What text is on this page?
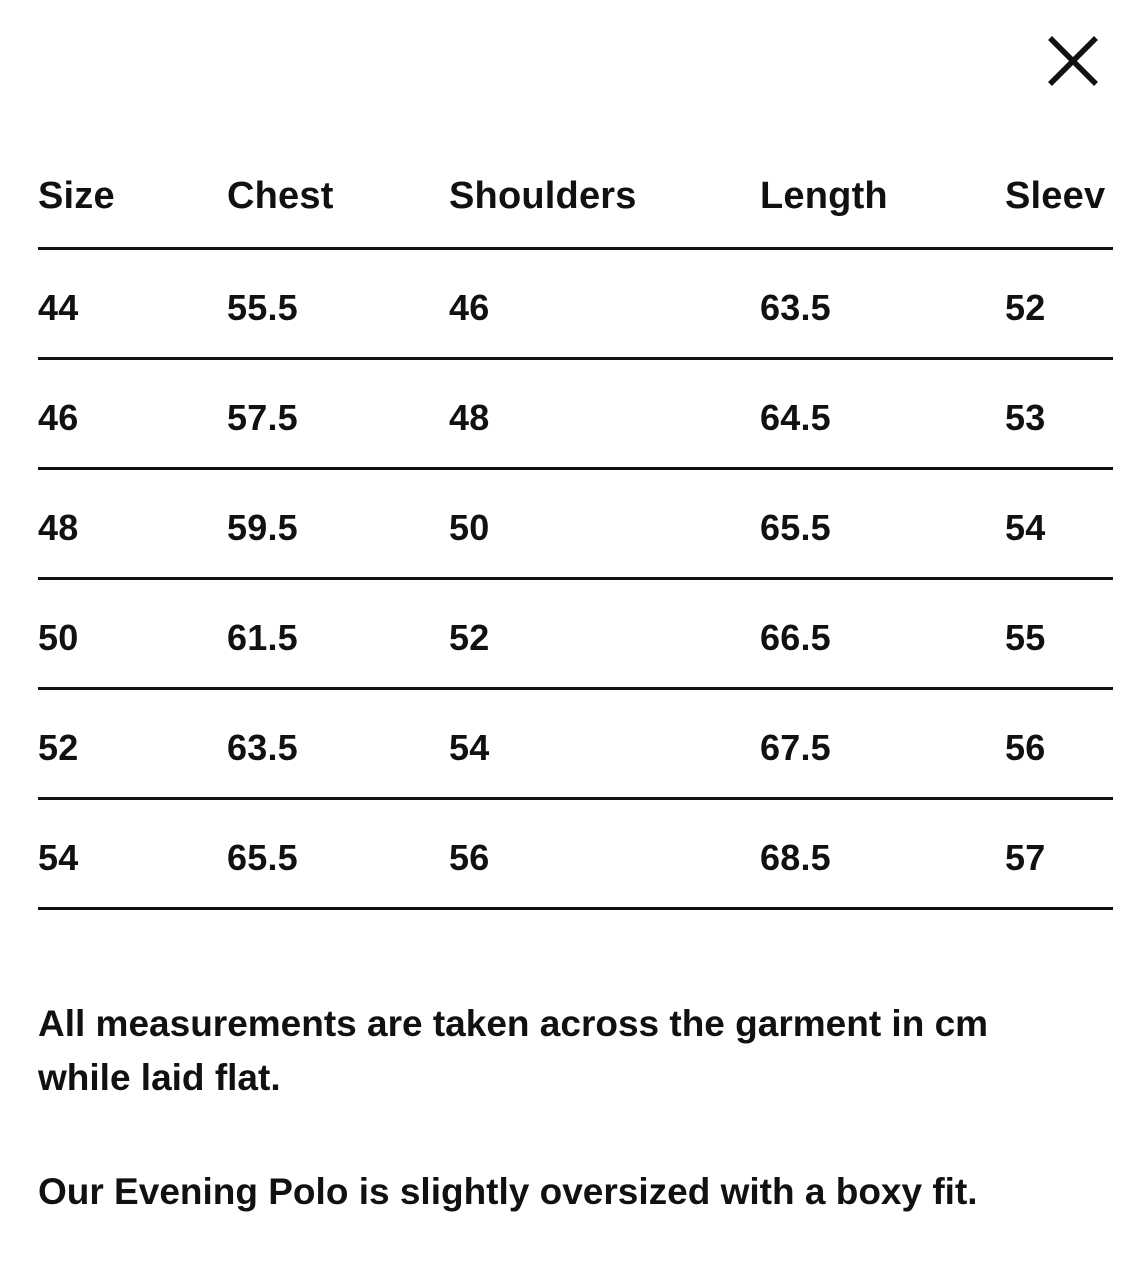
Size	Chest	Shoulders	Length	Sleev
44	55.5	46	63.5	52
46	57.5	48	64.5	53
48	59.5	50	65.5	54
50	61.5	52	66.5	55
52	63.5	54	67.5	56
54	65.5	56	68.5	57

All measurements are taken across the garment in cm while laid flat.

Our Evening Polo is slightly oversized with a boxy fit.
